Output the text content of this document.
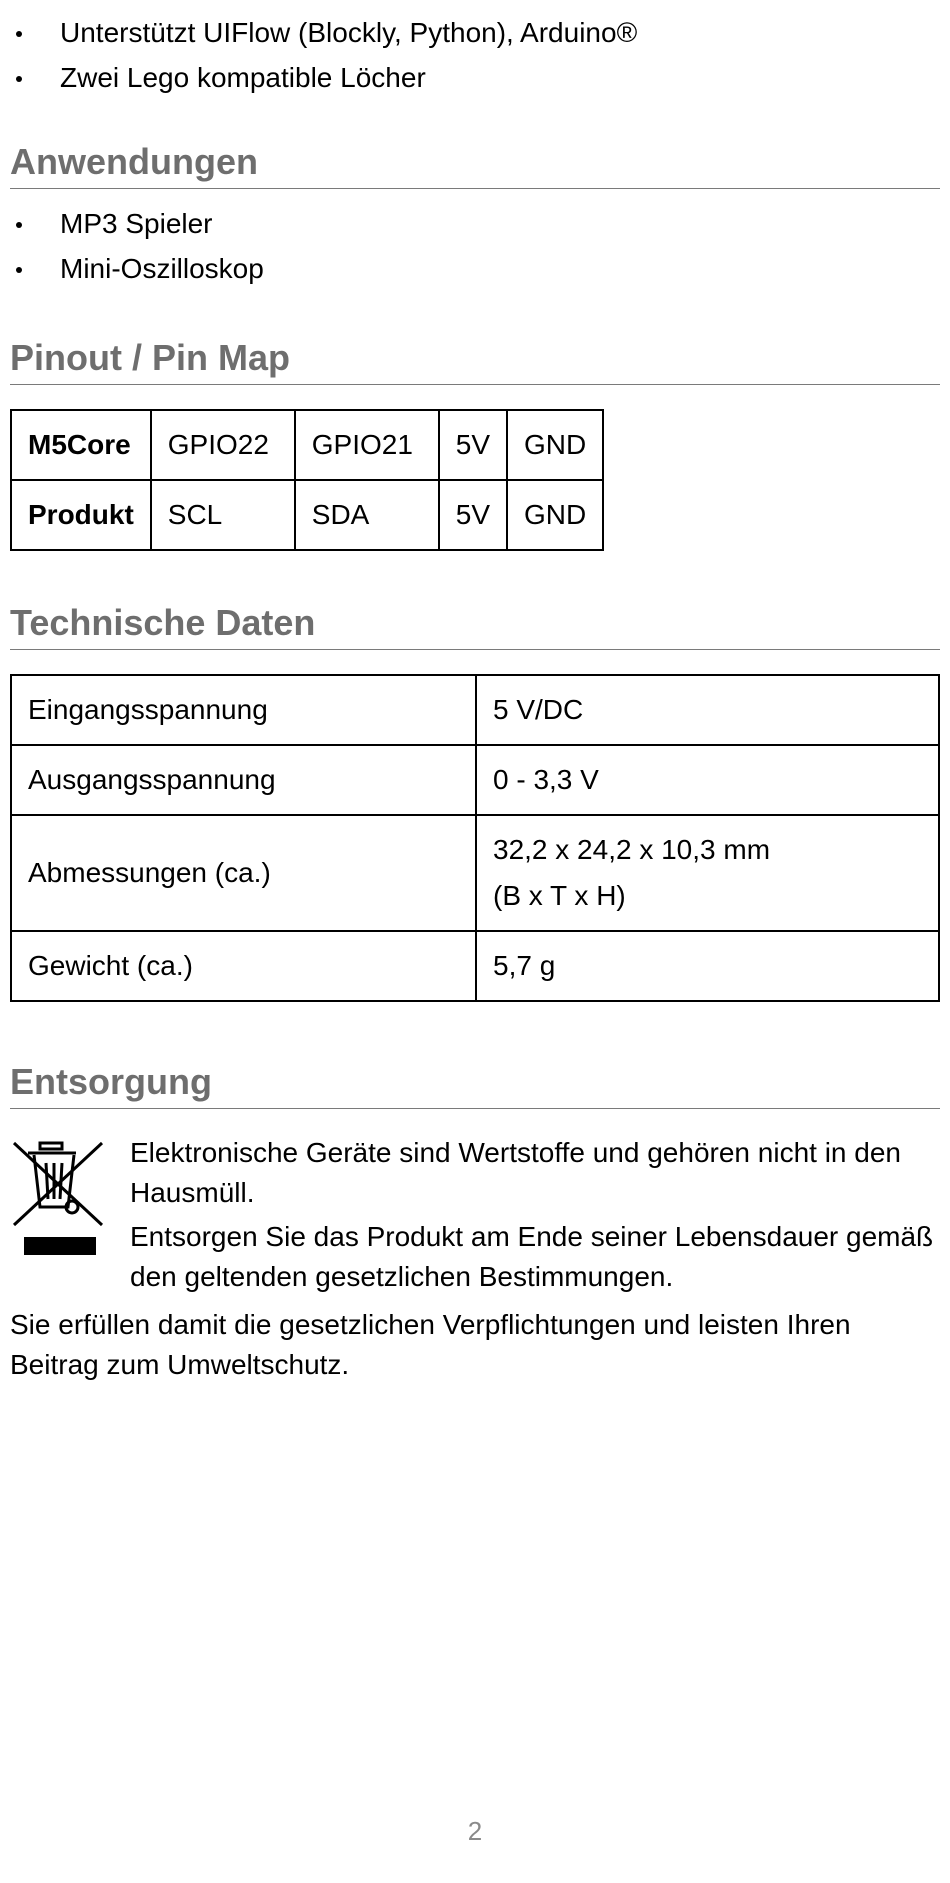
Unterstützt UIFlow (Blockly, Python), Arduino®
Zwei Lego kompatible Löcher
Anwendungen
MP3 Spieler
Mini-Oszilloskop
Pinout / Pin Map
M5Core	GPIO22	GPIO21	5V	GND
Produkt	SCL	SDA	5V	GND
Technische Daten
Eingangsspannung	5 V/DC
Ausgangsspannung	0 - 3,3 V
Abmessungen (ca.)	32,2 x 24,2 x 10,3 mm
(B x T x H)

Gewicht (ca.)	5,7 g
Entsorgung

Elektronische Geräte sind Wertstoffe und gehören nicht in den Hausmüll.

Entsorgen Sie das Produkt am Ende seiner Lebensdauer gemäß den geltenden gesetzlichen Bestimmungen.

Sie erfüllen damit die gesetzlichen Verpflichtungen und leisten Ihren Beitrag zum Umweltschutz.

2
